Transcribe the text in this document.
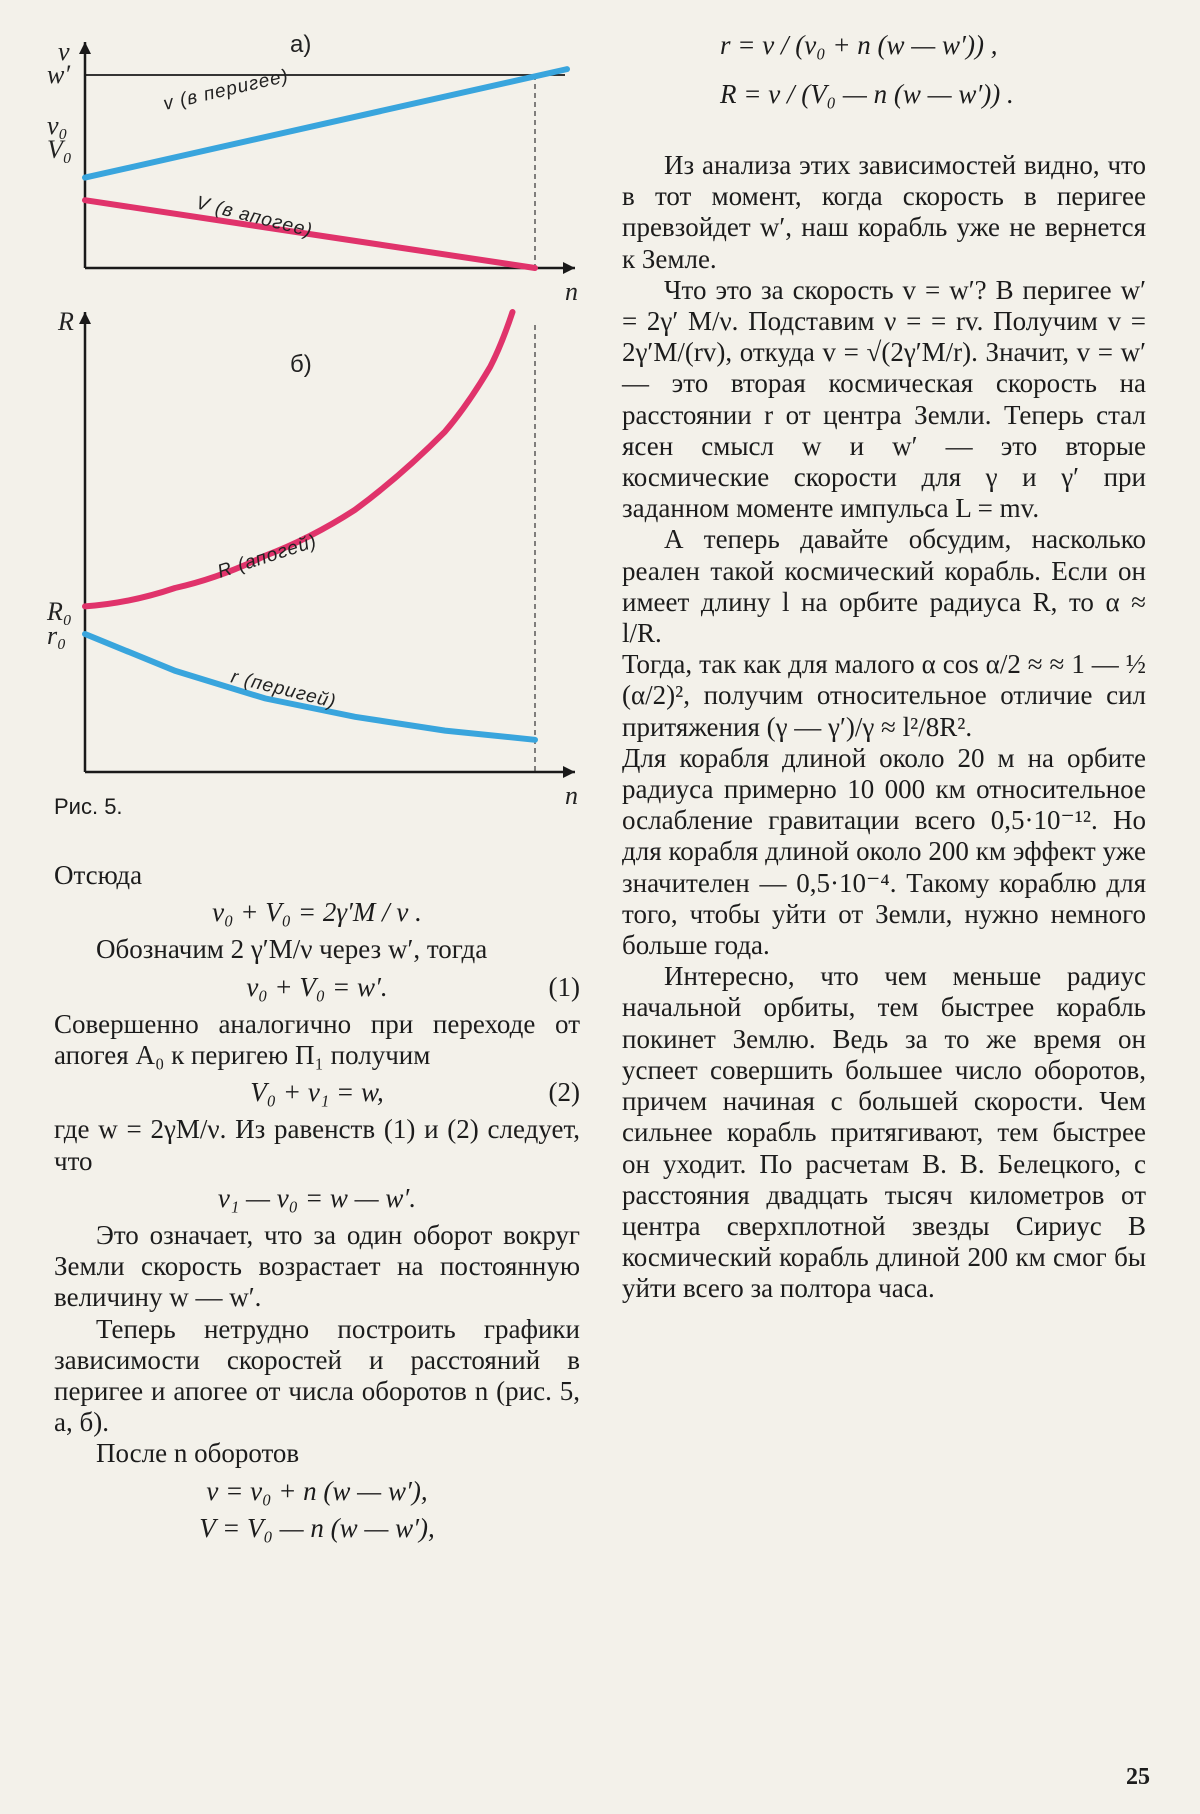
v
n
а)
w′
v₀
V₀
v (в перигее)
V (в апогее)
R
n
б)
R₀
r₀
R (апогей)
r (перигей)
Рис. 5.
r = ν / (v₀ + n (w — w′)) ,
R = ν / (V₀ — n (w — w′)) .

Отсюда

v₀ + V₀ = 2γ′M / ν .

Обозначим 2 γ′M/ν через w′, тогда

v₀ + V₀ = w′.	(1)

Совершенно аналогично при переходе от апогея А₀ к перигею П₁ получим

V₀ + v₁ = w,	(2)

где w = 2γM/ν. Из равенств (1) и (2) следует, что

v₁ — v₀ = w — w′.

Это означает, что за один оборот вокруг Земли скорость возрастает на постоянную величину w — w′.

Теперь нетрудно построить графики зависимости скоростей и расстояний в перигее и апогее от числа оборотов n (рис. 5, а, б).

После n оборотов

v = v₀ + n (w — w′),
V = V₀ — n (w — w′),

Из анализа этих зависимостей видно, что в тот момент, когда скорость в перигее превзойдет w′, наш корабль уже не вернется к Земле.

Что это за скорость v = w′? В перигее w′ = 2γ′ M/ν. Подставим ν = = rv. Получим v = 2γ′M/(rv), откуда v = √(2γ′M/r). Значит, v = w′ — это вторая космическая скорость на расстоянии r от центра Земли. Теперь стал ясен смысл w и w′ — это вторые космические скорости для γ и γ′ при заданном моменте импульса L = mv.

А теперь давайте обсудим, насколько реален такой космический корабль. Если он имеет длину l на орбите радиуса R, то α ≈ l/R.

Тогда, так как для малого α cos α/2 ≈ ≈ 1 — ½ (α/2)², получим относительное отличие сил притяжения (γ — γ′)/γ ≈ l²/8R².

Для корабля длиной около 20 м на орбите радиуса примерно 10 000 км относительное ослабление гравитации всего 0,5·10⁻¹². Но для корабля длиной около 200 км эффект уже значителен — 0,5·10⁻⁴. Такому кораблю для того, чтобы уйти от Земли, нужно немного больше года.

Интересно, что чем меньше радиус начальной орбиты, тем быстрее корабль покинет Землю. Ведь за то же время он успеет совершить большее число оборотов, причем начиная с большей скорости. Чем сильнее корабль притягивают, тем быстрее он уходит. По расчетам В. В. Белецкого, с расстояния двадцать тысяч километров от центра сверхплотной звезды Сириус В космический корабль длиной 200 км смог бы уйти всего за полтора часа.

25
